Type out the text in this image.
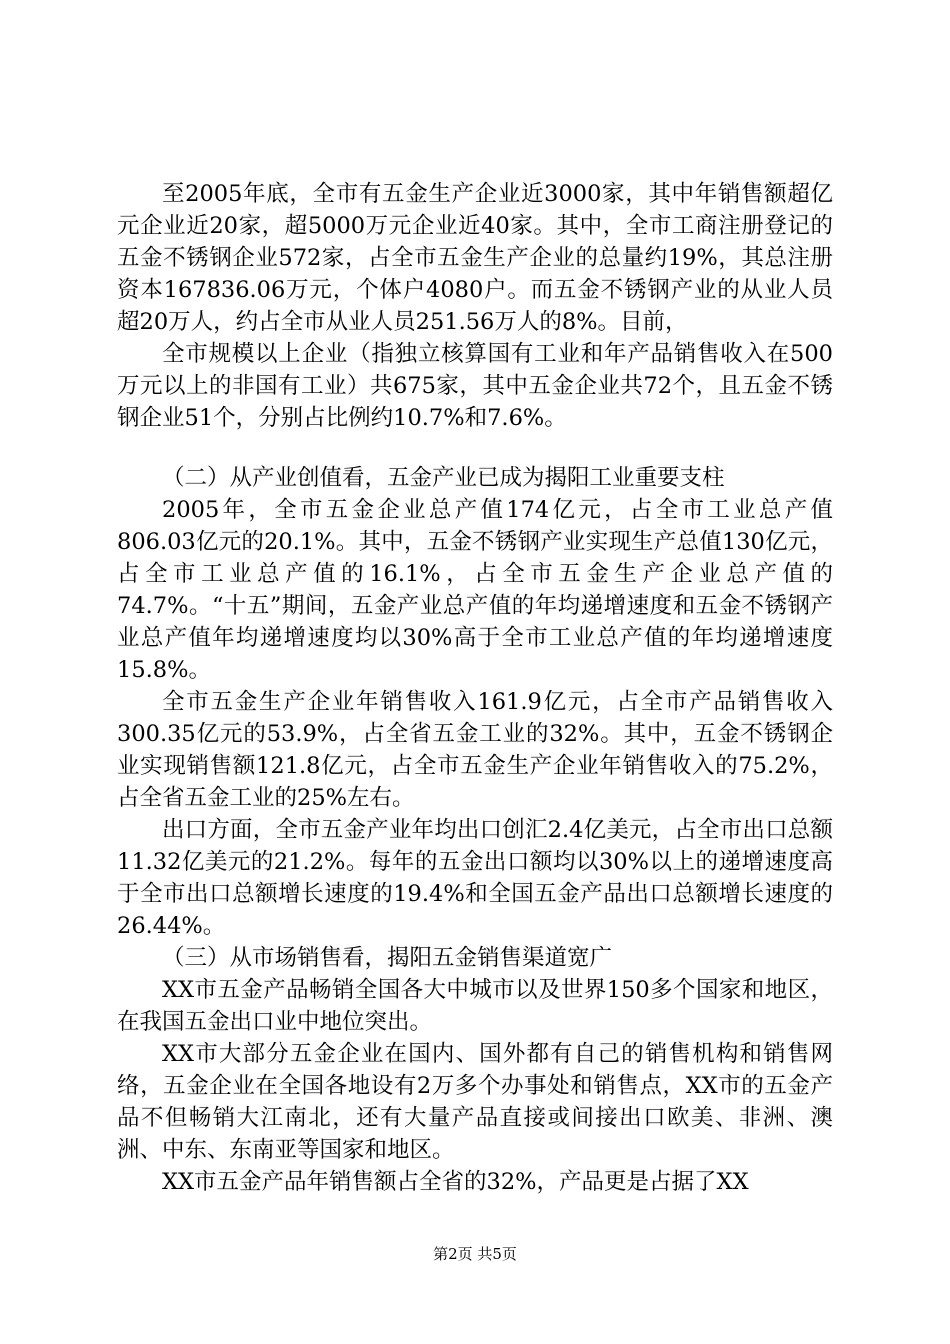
至2005年底，全市有五金生产企业近3000家，其中年销售额超亿元企业近20家，超5000万元企业近40家。其中，全市工商注册登记的五金不锈钢企业572家，占全市五金生产企业的总量约19%，其总注册资本167836.06万元，个体户4080户。而五金不锈钢产业的从业人员超20万人，约占全市从业人员251.56万人的8%。目前，

全市规模以上企业（指独立核算国有工业和年产品销售收入在500万元以上的非国有工业）共675家，其中五金企业共72个，且五金不锈钢企业51个，分别占比例约10.7%和7.6%。

（二）从产业创值看，五金产业已成为揭阳工业重要支柱

2005年，全市五金企业总产值174亿元，占全市工业总产值806.03亿元的20.1%。其中，五金不锈钢产业实现生产总值130亿元，占全市工业总产值的16.1%，占全市五金生产企业总产值的74.7%。“十五”期间，五金产业总产值的年均递增速度和五金不锈钢产业总产值年均递增速度均以30%高于全市工业总产值的年均递增速度15.8%。

全市五金生产企业年销售收入161.9亿元，占全市产品销售收入300.35亿元的53.9%，占全省五金工业的32%。其中，五金不锈钢企业实现销售额121.8亿元，占全市五金生产企业年销售收入的75.2%，占全省五金工业的25%左右。

出口方面，全市五金产业年均出口创汇2.4亿美元，占全市出口总额11.32亿美元的21.2%。每年的五金出口额均以30%以上的递增速度高于全市出口总额增长速度的19.4%和全国五金产品出口总额增长速度的26.44%。

（三）从市场销售看，揭阳五金销售渠道宽广

XX市五金产品畅销全国各大中城市以及世界150多个国家和地区，在我国五金出口业中地位突出。

XX市大部分五金企业在国内、国外都有自己的销售机构和销售网络，五金企业在全国各地设有2万多个办事处和销售点，XX市的五金产品不但畅销大江南北，还有大量产品直接或间接出口欧美、非洲、澳洲、中东、东南亚等国家和地区。

XX市五金产品年销售额占全省的32%，产品更是占据了XX

第2页 共5页
